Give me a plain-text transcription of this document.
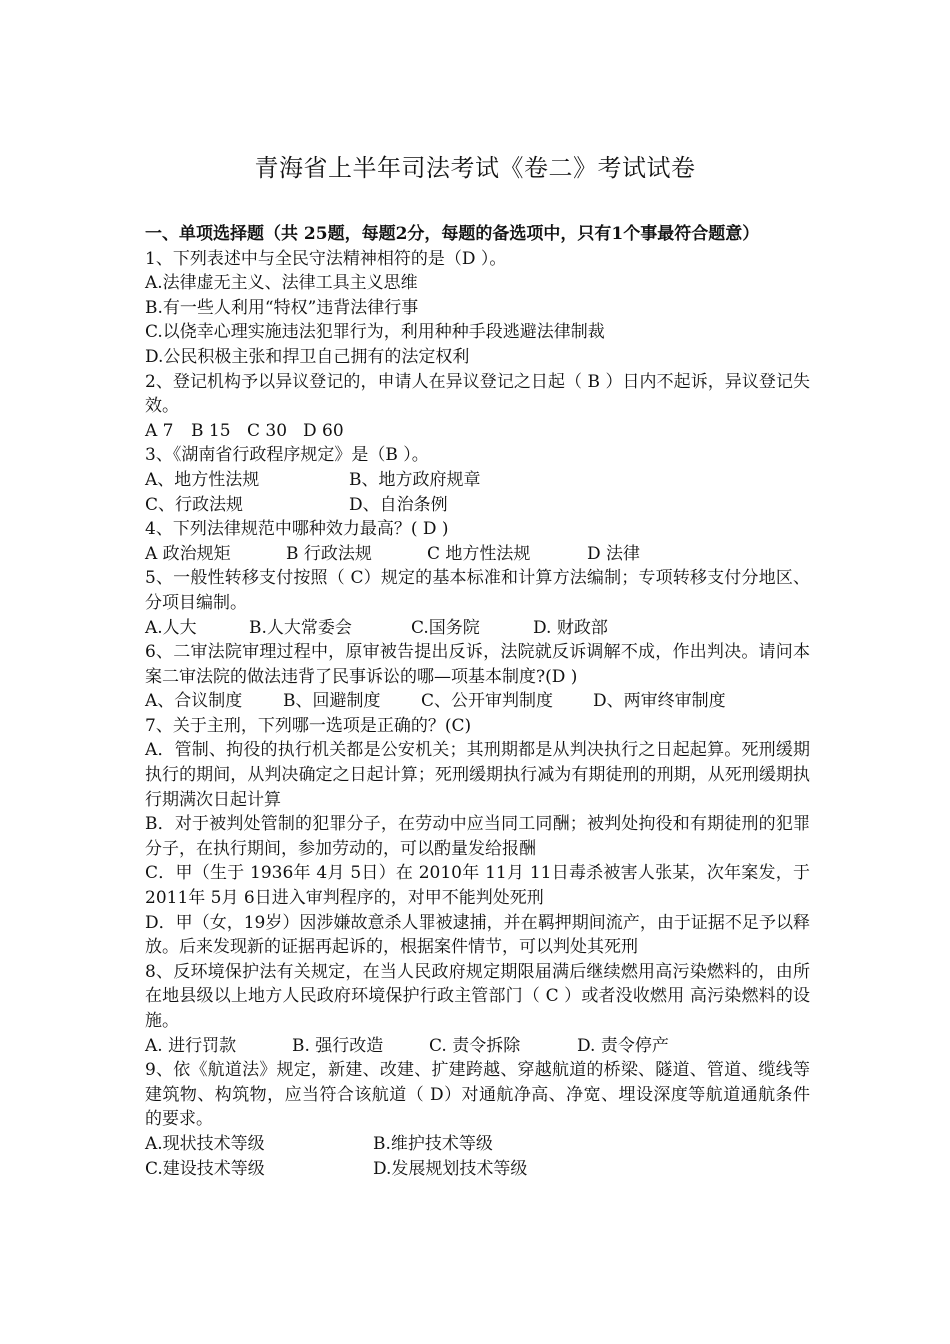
青海省上半年司法考试《卷二》考试试卷

一、单项选择题（共 25题，每题2分，每题的备选项中，只有1个事最符合题意）

1、下列表述中与全民守法精神相符的是（D ）。

A.法律虚无主义、法律工具主义思维

B.有一些人利用“特权”违背法律行事

C.以侥幸心理实施违法犯罪行为，利用种种手段逃避法律制裁

D.公民积极主张和捍卫自己拥有的法定权利

2、登记机构予以异议登记的，申请人在异议登记之日起（ B ）日内不起诉，异议登记失效。

A 7	B 15 C 30 D 60

3、《湖南省行政程序规定》是（B ）。

A、地方性法规	B、地方政府规章
C、行政法规	D、自治条例

4、下列法律规范中哪种效力最高？( D )

A 政治规矩	B 行政法规	C 地方性法规	D 法律

5、一般性转移支付按照（ C）规定的基本标准和计算方法编制；专项转移支付分地区、分项目编制。

A.人大	B.人大常委会	C.国务院	D. 财政部

6、二审法院审理过程中，原审被告提出反诉，法院就反诉调解不成，作出判决。请问本案二审法院的做法违背了民事诉讼的哪—项基本制度?(D )

A、合议制度	B、回避制度	C、公开审判制度	D、两审终审制度

7、关于主刑，下列哪一选项是正确的？(C)

A．管制、拘役的执行机关都是公安机关；其刑期都是从判决执行之日起起算。死刑缓期执行的期间，从判决确定之日起计算；死刑缓期执行减为有期徒刑的刑期，从死刑缓期执行期满次日起计算

B．对于被判处管制的犯罪分子，在劳动中应当同工同酬；被判处拘役和有期徒刑的犯罪分子，在执行期间，参加劳动的，可以酌量发给报酬

C．甲（生于 1936年 4月 5日）在 2010年 11月 11日毒杀被害人张某，次年案发，于 2011年 5月 6日进入审判程序的，对甲不能判处死刑

D．甲（女，19岁）因涉嫌故意杀人罪被逮捕，并在羁押期间流产，由于证据不足予以释放。后来发现新的证据再起诉的，根据案件情节，可以判处其死刑

8、反环境保护法有关规定，在当人民政府规定期限届满后继续燃用高污染燃料的，由所在地县级以上地方人民政府环境保护行政主管部门（ C ）或者没收燃用 高污染燃料的设施。

A. 进行罚款	B. 强行改造	C. 责令拆除	D. 责令停产

9、依《航道法》规定，新建、改建、扩建跨越、穿越航道的桥梁、隧道、管道、缆线等建筑物、构筑物，应当符合该航道（ D）对通航净高、净宽、埋设深度等航道通航条件的要求。

A.现状技术等级	B.维护技术等级
C.建设技术等级	D.发展规划技术等级
